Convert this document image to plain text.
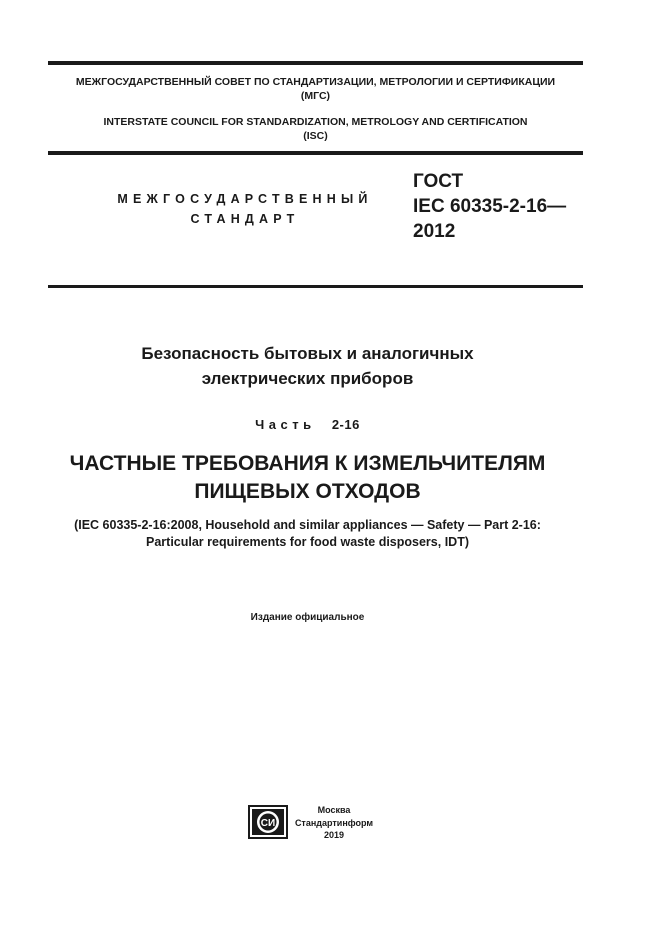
МЕЖГОСУДАРСТВЕННЫЙ СОВЕТ ПО СТАНДАРТИЗАЦИИ, МЕТРОЛОГИИ И СЕРТИФИКАЦИИ
(МГС)
INTERSTATE COUNCIL FOR STANDARDIZATION, METROLOGY AND CERTIFICATION
(ISC)
МЕЖГОСУДАРСТВЕННЫЙ
СТАНДАРТ
ГОСТ
IEC 60335-2-16—
2012
Безопасность бытовых и аналогичных
электрических приборов
Часть 2-16
ЧАСТНЫЕ ТРЕБОВАНИЯ К ИЗМЕЛЬЧИТЕЛЯМ
ПИЩЕВЫХ ОТХОДОВ
(IEC 60335-2-16:2008, Household and similar appliances — Safety — Part 2-16:
Particular requirements for food waste disposers, IDT)
Издание официальное
СИ
Москва
Стандартинформ
2019
